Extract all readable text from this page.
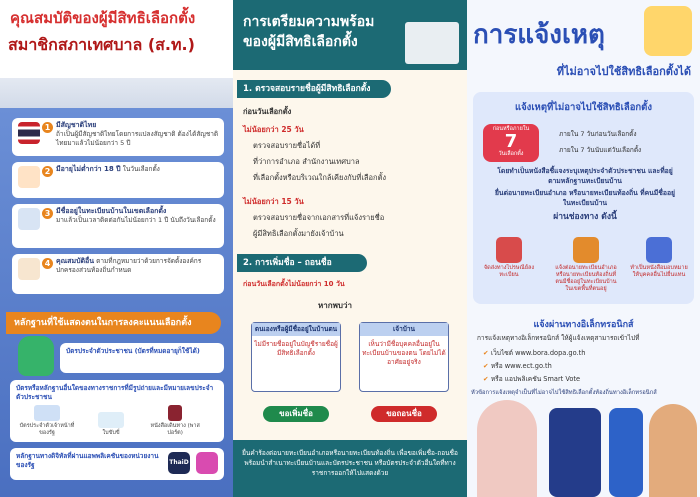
คุณสมบัติของผู้มีสิทธิเลือกตั้ง
สมาชิกสภาเทศบาล (ส.ท.)
1 มีสัญชาติไทย
ถ้าเป็นผู้มีสัญชาติไทยโดยการแปลงสัญชาติ ต้องได้สัญชาติไทยมาแล้วไม่น้อยกว่า 5 ปี
2 มีอายุไม่ต่ำกว่า 18 ปี ในวันเลือกตั้ง
3 มีชื่ออยู่ในทะเบียนบ้านในเขตเลือกตั้ง
มาแล้วเป็นเวลาติดต่อกันไม่น้อยกว่า 1 ปี นับถึงวันเลือกตั้ง
4 คุณสมบัติอื่น ตามที่กฎหมายว่าด้วยการจัดตั้งองค์กรปกครองส่วนท้องถิ่นกำหนด
หลักฐานที่ใช้แสดงตนในการลงคะแนนเลือกตั้ง
บัตรประจำตัวประชาชน (บัตรที่หมดอายุก็ใช้ได้)
บัตรหรือหลักฐานอื่นใดของทางราชการที่มีรูปถ่ายและมีหมายเลขประจำตัวประชาชน

บัตรประจำตัวเจ้าหน้าที่ของรัฐ	ใบขับขี่
หนังสือเดินทาง (พาสปอร์ต)
หลักฐานทางดิจิทัลที่ผ่านแอพพลิเคชันของหน่วยงานของรัฐ	ThaiD
การเตรียมความพร้อมของผู้มีสิทธิเลือกตั้ง
1. ตรวจสอบรายชื่อผู้มีสิทธิเลือกตั้ง
ก่อนวันเลือกตั้ง
ไม่น้อยกว่า 25 วัน
ตรวจสอบรายชื่อได้ที่
ที่ว่าการอำเภอ สำนักงานเทศบาล
ที่เลือกตั้งหรือบริเวณใกล้เคียงกับที่เลือกตั้ง
ไม่น้อยกว่า 15 วัน
ตรวจสอบรายชื่อจากเอกสารที่แจ้งรายชื่อ
ผู้มีสิทธิเลือกตั้งมายังเจ้าบ้าน
2. การเพิ่มชื่อ – ถอนชื่อ
ก่อนวันเลือกตั้งไม่น้อยกว่า 10 วัน
หากพบว่า
ตนเองหรือผู้มีชื่ออยู่ในบ้านตน
ไม่มีรายชื่ออยู่ในบัญชีรายชื่อผู้มีสิทธิเลือกตั้ง
เจ้าบ้าน
เห็นว่ามีชื่อบุคคลอื่นอยู่ในทะเบียนบ้านของตน โดยไม่ได้อาศัยอยู่จริง
ขอเพิ่มชื่อ	ขอถอนชื่อ
ยื่นคำร้องต่อนายทะเบียนอำเภอหรือนายทะเบียนท้องถิ่น เพื่อขอเพิ่มชื่อ-ถอนชื่อ พร้อมนำสำเนาทะเบียนบ้านและบัตรประชาชน หรือบัตรประจำตัวอื่นใดที่ทางราชการออกให้ไปแสดงด้วย
การแจ้งเหตุ
ที่ไม่อาจไปใช้สิทธิเลือกตั้งได้
แจ้งเหตุที่ไม่อาจไปใช้สิทธิเลือกตั้ง
ก่อนหรือภายใน
7
วันเลือกตั้ง
ภายใน 7 วันก่อนวันเลือกตั้ง
ภายใน 7 วันนับแต่วันเลือกตั้ง
โดยทำเป็นหนังสือชี้แจงระบุเหตุประจำตัวประชาชน และที่อยู่ตามหลักฐานทะเบียนบ้าน
ยื่นต่อนายทะเบียนอำเภอ หรือนายทะเบียนท้องถิ่น ที่คนมีชื่ออยู่ในทะเบียนบ้าน
ผ่านช่องทาง ดังนี้
จัดส่งทางไปรษณีย์ลงทะเบียน
แจ้งต่อนายทะเบียนอำเภอหรือนายทะเบียนท้องถิ่นที่ตนมีชื่ออยู่ในทะเบียนบ้าน ในเขตพื้นที่ตนอยู่
ทำเป็นหนังสือมอบหมายให้บุคคลอื่นไปยื่นแทน
แจ้งผ่านทางอิเล็กทรอนิกส์
การแจ้งเหตุทางอิเล็กทรอนิกส์ ให้ผู้แจ้งเหตุสามารถเข้าไปที่
✔ เว็บไซต์ www.bora.dopa.go.th
✔ หรือ www.ect.go.th
✔ หรือ แอปพลิเคชัน Smart Vote
หัวข้อการแจ้งเหตุจำเป็นที่ไม่อาจไปใช้สิทธิเลือกตั้งท้องถิ่นทางอิเล็กทรอนิกส์
